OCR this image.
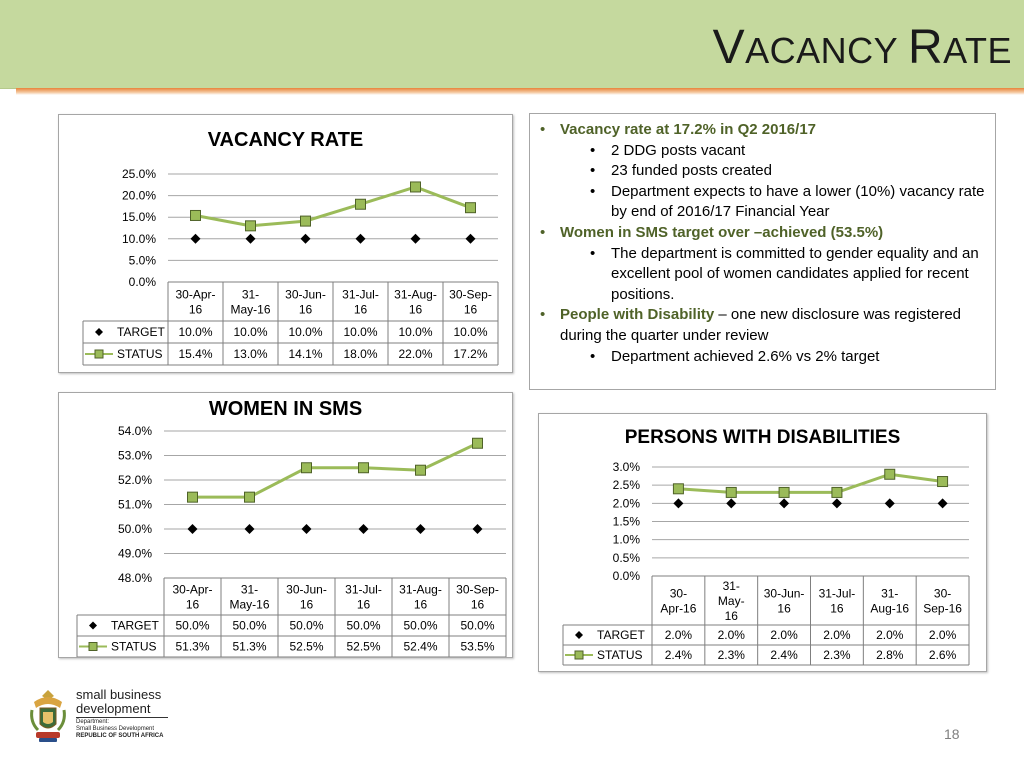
VACANCY RATE
VACANCY RATE
0.0%
5.0%
10.0%
15.0%
20.0%
25.0%
30-Apr-
16
31-
May-16
30-Jun-
16
31-Jul-
16
31-Aug-
16
30-Sep-
16
TARGET
STATUS
10.0% 10.0% 10.0% 10.0% 10.0% 10.0%
15.4% 13.0% 14.1% 18.0% 22.0% 17.2%
WOMEN IN SMS
48.0%
49.0%
50.0%
51.0%
52.0%
53.0%
54.0%
30-Apr-
16
31-
May-16
30-Jun-
16
31-Jul-
16
31-Aug-
16
30-Sep-
16
TARGET
STATUS
50.0% 50.0% 50.0% 50.0% 50.0% 50.0%
51.3% 51.3% 52.5% 52.5% 52.4% 53.5%
PERSONS WITH DISABILITIES
0.0%
0.5%
1.0%
1.5%
2.0%
2.5%
3.0%
30-
Apr-16
31-
May-
16
30-Jun-
16
31-Jul-
16
31-
Aug-16
30-
Sep-16
TARGET
STATUS
2.0% 2.0% 2.0% 2.0% 2.0% 2.0%
2.4% 2.3% 2.4% 2.3% 2.8% 2.6%
• Vacancy rate at 17.2% in Q2 2016/17
• 2 DDG posts vacant
• 23 funded posts created
• Department expects to have a lower (10%) vacancy rate by end of 2016/17 Financial Year
• Women in SMS target over –achieved (53.5%)
• The department is committed to gender equality and an excellent pool of women candidates applied for recent positions.
• People with Disability – one new disclosure was registered during the quarter under review
• Department achieved 2.6% vs 2% target
small business
development
Department:
Small Business Development
REPUBLIC OF SOUTH AFRICA	18
